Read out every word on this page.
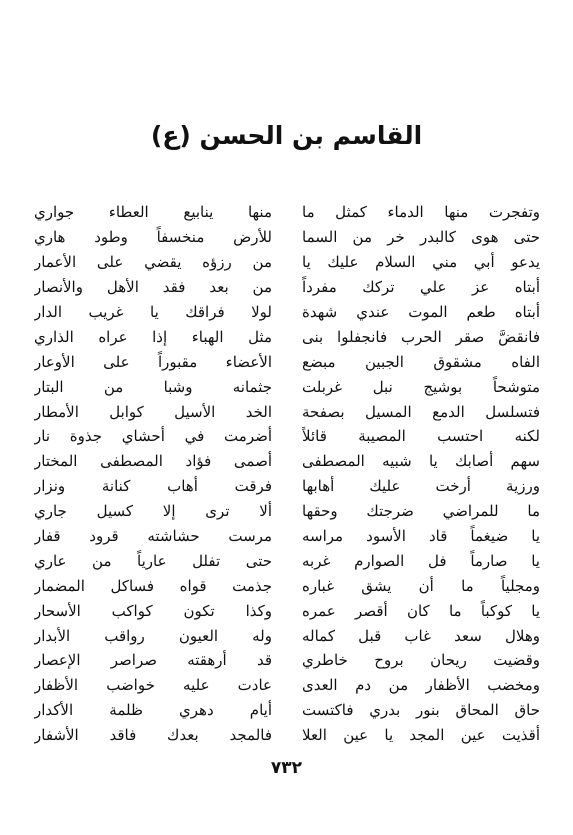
القاسم بن الحسن (ع)
وتفجرت منها الدماء كمثل ما
منها ينابيع العطاء جواري
حتى هوى كالبدر خر من السما
للأرض منخسفاً وطود هاري
يدعو أبي مني السلام عليك يا
من رزؤه يقضي على الأعمار
أبتاه عز علي تركك مفرداً
من بعد فقد الأهل والأنصار
أبتاه طعم الموت عندي شهدة
لولا فراقك يا غريب الدار
فانقضَّ صقر الحرب فانجفلوا بنى
مثل الهباء إذا عراه الذاري
الفاه مشقوق الجبين مبضع
الأعضاء مقبوراً على الأوعار
متوشحاً بوشيج نبل غربلت
جثمانه وشبا من البتار
فتسلسل الدمع المسيل بصفحة
الخد الأسيل كوابل الأمطار
لكنه احتسب المصيبة قائلاً
أضرمت في أحشاي جذوة نار
سهم أصابك يا شبيه المصطفى
أصمى فؤاد المصطفى المختار
ورزية أرخت عليك أهابها
فرقت أهاب كنانة ونزار
ما للمراضي ضرجتك وحقها
ألا ترى إلا كسيل جاري
يا ضيغماً قاد الأسود مراسه
مرست حشاشته قرود قفار
يا صارماً فل الصوارم غربه
حتى تفلل عارياً من عاري
ومجلياً ما أن يشق غباره
جذمت قواه فساكل المضمار
يا كوكباً ما كان أقصر عمره
وكذا تكون كواكب الأسحار
وهلال سعد غاب قبل كماله
وله العيون رواقب الأبدار
وقضيت ريحان بروح خاطري
قد أرهقته صراصر الإعصار
ومخضب الأظفار من دم العدى
عادت عليه خواضب الأظفار
حاق المحاق بنور بدري فاكتست
أيام دهري ظلمة الأكدار
أقذيت عين المجد يا عين العلا
فالمجد بعدك فاقد الأشفار
٧٣٢
